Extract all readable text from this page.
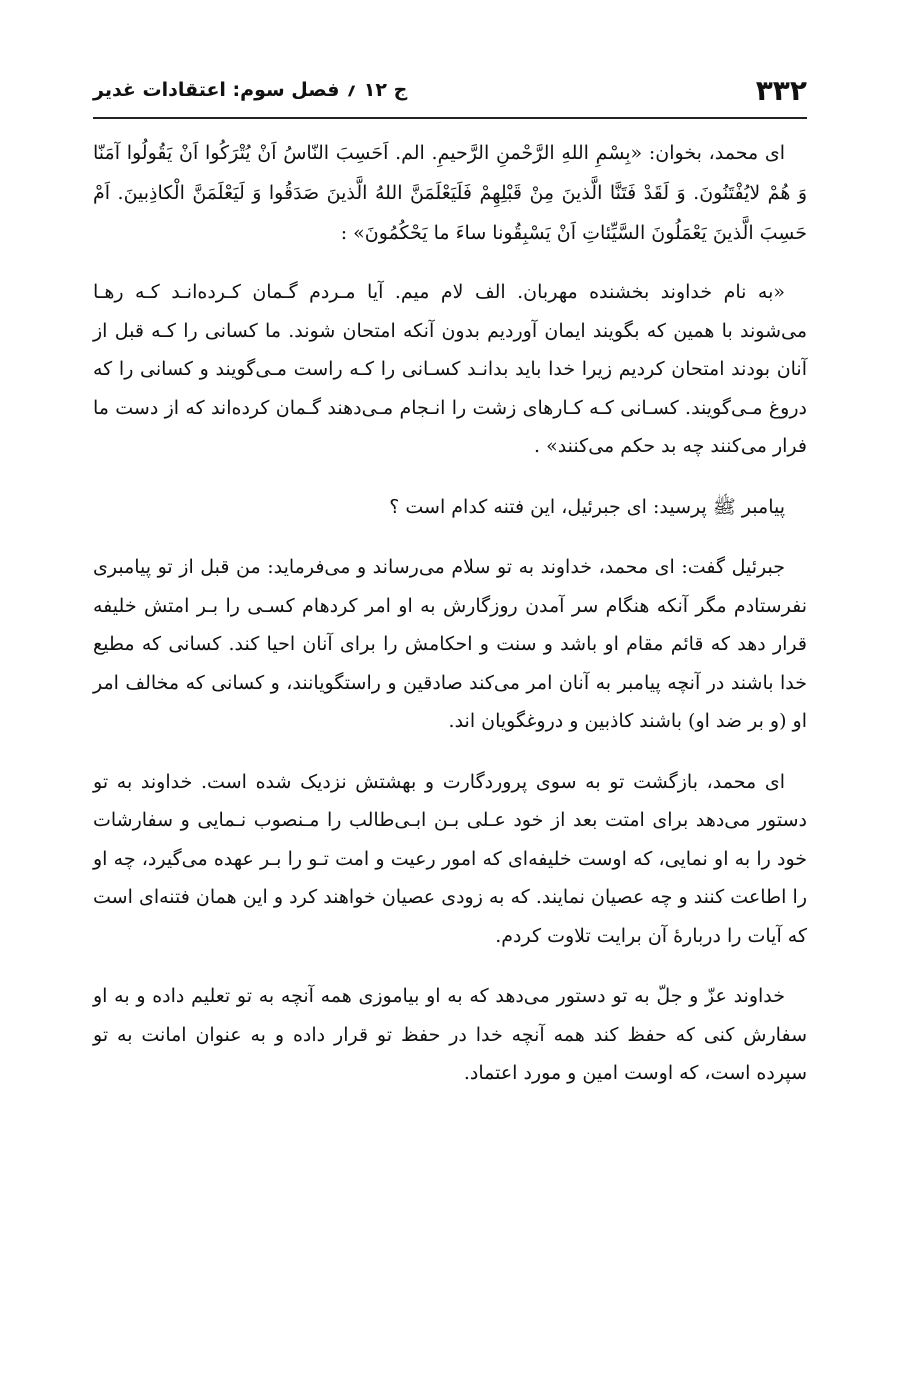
۳۳۲
ج ۱۲ ؍ فصل سوم: اعتقادات غدیر

ای محمد، بخوان: «بِسْمِ اللهِ الرَّحْمنِ الرَّحیمِ. الم. اَحَسِبَ النّاسُ اَنْ یُتْرَکُوا اَنْ یَقُولُوا آمَنّا وَ هُمْ لایُفْتَنُونَ. وَ لَقَدْ فَتَنَّا الَّذینَ مِنْ قَبْلِهِمْ فَلَیَعْلَمَنَّ اللهُ الَّذینَ صَدَقُوا وَ لَیَعْلَمَنَّ الْکاذِبینَ. اَمْ حَسِبَ الَّذینَ یَعْمَلُونَ السَّیِّئاتِ اَنْ یَسْبِقُونا ساءَ ما یَحْکُمُونَ» :

«به نام خداوند بخشنده مهربان. الف لام میم. آیا مـردم گـمان کـرده‌انـد کـه رهـا می‌شوند با همین که بگویند ایمان آوردیم بدون آنکه امتحان شوند. ما کسانی را کـه قبل از آنان بودند امتحان کردیم زیرا خدا باید بدانـد کسـانی را کـه راست مـی‌گویند و کسانی را که دروغ مـی‌گویند. کسـانی کـه کـارهای زشت را انـجام مـی‌دهند گـمان کرده‌اند که از دست ما فرار می‌کنند چه بد حکم می‌کنند» .

پیامبر ﷺ پرسید: ای جبرئیل، این فتنه کدام است ؟

جبرئیل گفت: ای محمد، خداوند به تو سلام می‌رساند و می‌فرماید: من قبل از تو پیامبری نفرستادم مگر آنکه هنگام سر آمدن روزگارش به او امر کردهام کسـی را بـر امتش خلیفه قرار دهد که قائم مقام او باشد و سنت و احکامش را برای آنان احیا کند. کسانی که مطیع خدا باشند در آنچه پیامبر به آنان امر می‌کند صادقین و راستگویانند، و کسانی که مخالف امر او (و بر ضد او) باشند کاذبین و دروغگویان اند.

ای محمد، بازگشت تو به سوی پروردگارت و بهشتش نزدیک شده است. خداوند به تو دستور می‌دهد برای امتت بعد از خود عـلی بـن ابـی‌طالب را مـنصوب نـمایی و سفارشات خود را به او نمایی، که اوست خلیفه‌ای که امور رعیت و امت تـو را بـر عهده می‌گیرد، چه او را اطاعت کنند و چه عصیان نمایند. که به زودی عصیان خواهند کرد و این همان فتنه‌ای است که آیات را دربارهٔ آن برایت تلاوت کردم.

خداوند عزّ و جلّ به تو دستور می‌دهد که به او بیاموزی همه آنچه به تو تعلیم داده و به او سفارش کنی که حفظ کند همه آنچه خدا در حفظ تو قرار داده و به عنوان امانت به تو سپرده است، که اوست امین و مورد اعتماد.
